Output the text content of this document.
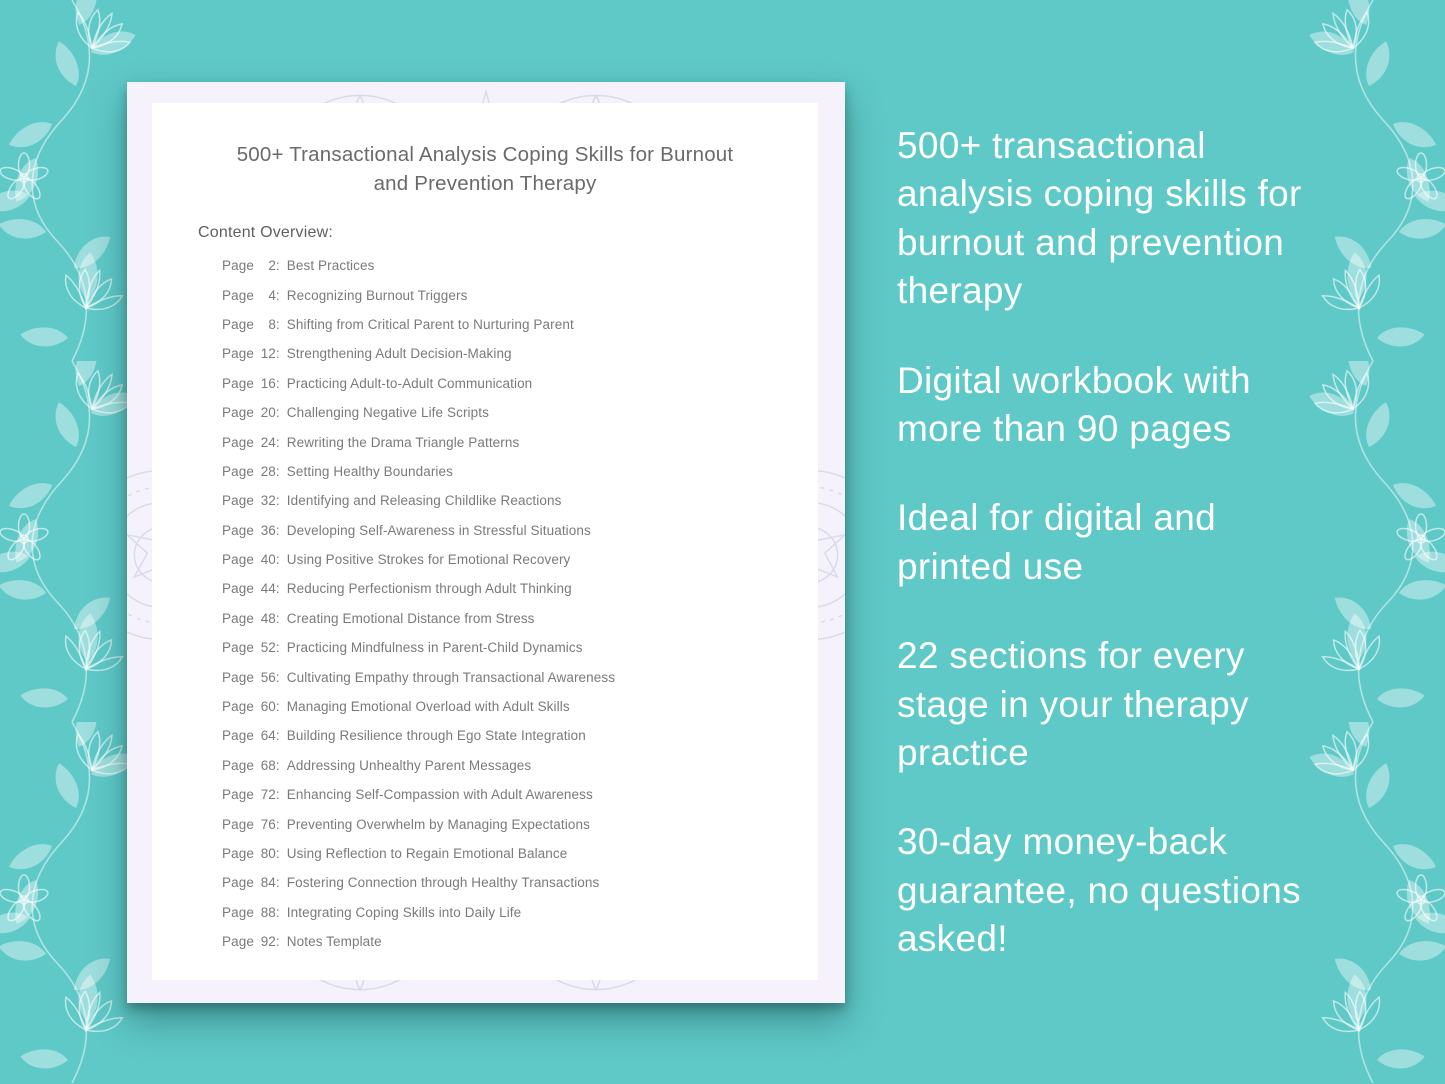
500+ Transactional Analysis Coping Skills for Burnout and Prevention Therapy
Content Overview:
Page 2: Best Practices
Page 4: Recognizing Burnout Triggers
Page 8: Shifting from Critical Parent to Nurturing Parent
Page 12: Strengthening Adult Decision-Making
Page 16: Practicing Adult-to-Adult Communication
Page 20: Challenging Negative Life Scripts
Page 24: Rewriting the Drama Triangle Patterns
Page 28: Setting Healthy Boundaries
Page 32: Identifying and Releasing Childlike Reactions
Page 36: Developing Self-Awareness in Stressful Situations
Page 40: Using Positive Strokes for Emotional Recovery
Page 44: Reducing Perfectionism through Adult Thinking
Page 48: Creating Emotional Distance from Stress
Page 52: Practicing Mindfulness in Parent-Child Dynamics
Page 56: Cultivating Empathy through Transactional Awareness
Page 60: Managing Emotional Overload with Adult Skills
Page 64: Building Resilience through Ego State Integration
Page 68: Addressing Unhealthy Parent Messages
Page 72: Enhancing Self-Compassion with Adult Awareness
Page 76: Preventing Overwhelm by Managing Expectations
Page 80: Using Reflection to Regain Emotional Balance
Page 84: Fostering Connection through Healthy Transactions
Page 88: Integrating Coping Skills into Daily Life
Page 92: Notes Template

500+ transactional analysis coping skills for burnout and prevention therapy

Digital workbook with more than 90 pages

Ideal for digital and printed use

22 sections for every stage in your therapy practice

30-day money-back guarantee, no questions asked!
